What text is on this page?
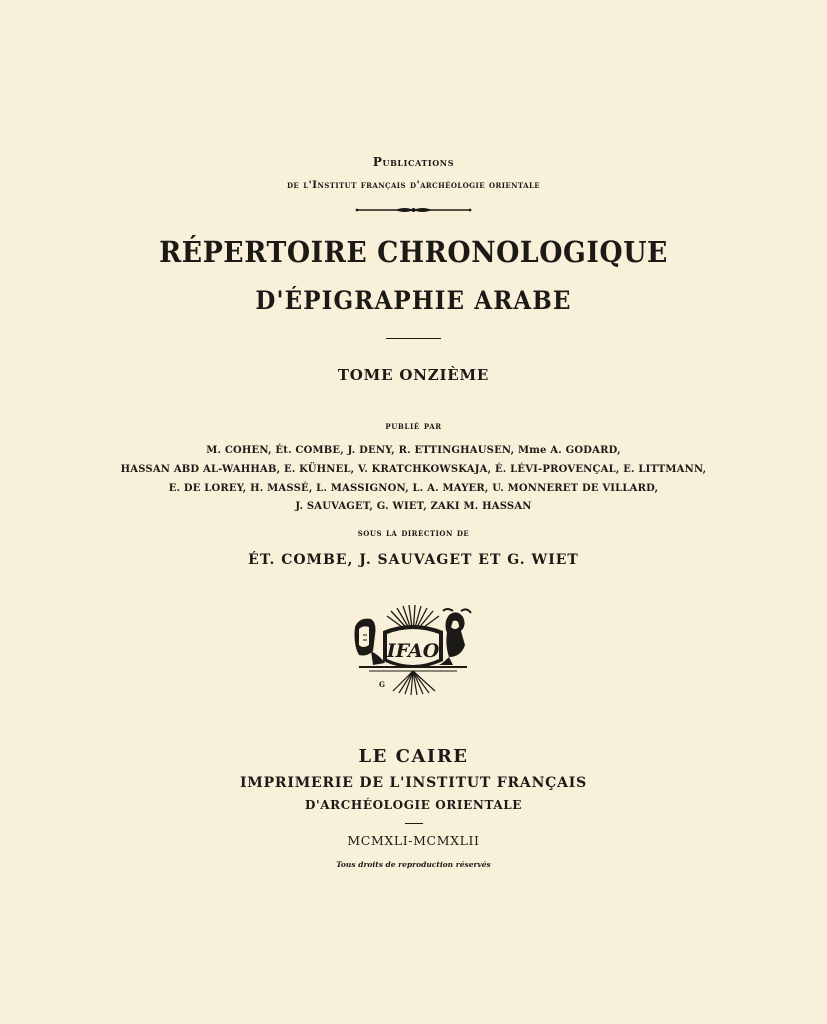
Publications
de l'Institut français d'archéologie orientale
RÉPERTOIRE CHRONOLOGIQUE
D'ÉPIGRAPHIE ARABE
TOME ONZIÈME
publié par
M. COHEN, Ét. COMBE, J. DENY, R. ETTINGHAUSEN, Mme A. GODARD,
HASSAN ABD AL-WAHHAB, E. KÜHNEL, V. KRATCHKOWSKAJA, É. LÉVI-PROVENÇAL, E. LITTMANN,
E. DE LOREY, H. MASSÉ, L. MASSIGNON, L. A. MAYER, U. MONNERET DE VILLARD,
J. SAUVAGET, G. WIET, ZAKI M. HASSAN
sous la direction de
ÉT. COMBE, J. SAUVAGET ET G. WIET
IFAO
G
LE CAIRE
IMPRIMERIE DE L'INSTITUT FRANÇAIS
D'ARCHÉOLOGIE ORIENTALE
MCMXLI-MCMXLII
Tous droits de reproduction réservés
